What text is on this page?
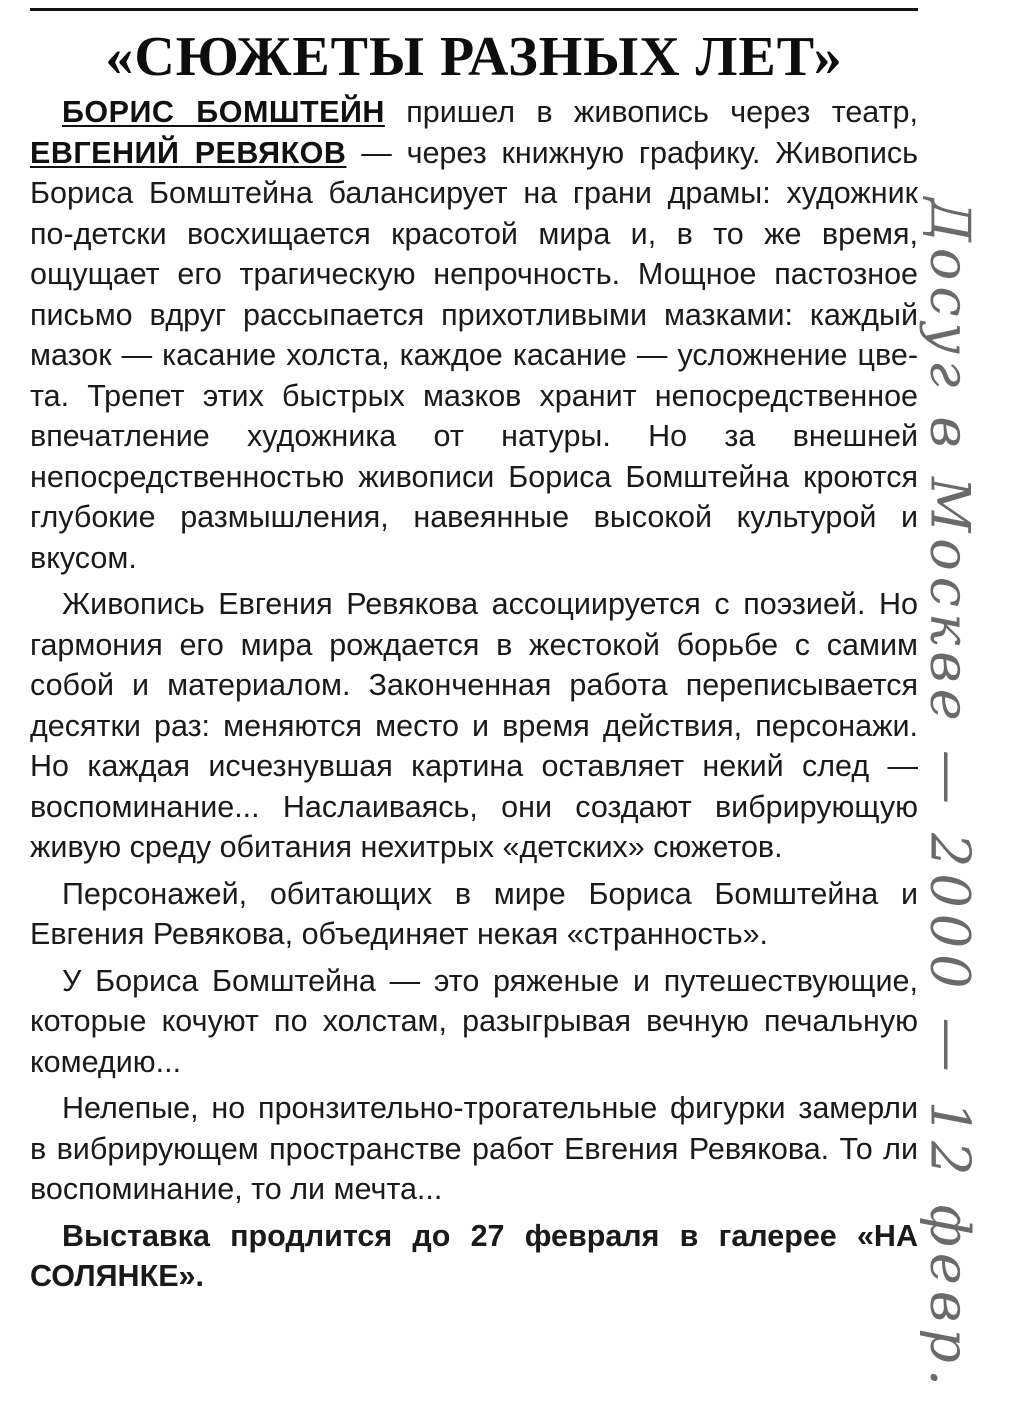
«СЮЖЕТЫ РАЗНЫХ ЛЕТ»

БОРИС БОМШТЕЙН пришел в живопись через театр, ЕВГЕНИЙ РЕВЯКОВ — через книжную графику. Живопись Бориса Бомштейна балансирует на грани драмы: художник по-детски восхищается красотой мира и, в то же время, ощущает его трагическую непрочность. Мощное пастозное письмо вдруг рассыпается прихотливыми мазками: каждый мазок — касание холста, каждое касание — усложнение цвета. Трепет этих быстрых мазков хранит непосредственное впечатление художника от натуры. Но за внешней непосредственностью живописи Бориса Бомштейна кроются глубокие размышления, навеянные высокой культурой и вкусом.

Живопись Евгения Ревякова ассоциируется с поэзией. Но гармония его мира рождается в жестокой борьбе с самим собой и материалом. Законченная работа переписывается десятки раз: меняются место и время действия, персонажи. Но каждая исчезнувшая картина оставляет некий след — воспоминание... Наслаиваясь, они создают вибрирующую живую среду обитания нехитрых «детских» сюжетов.

Персонажей, обитающих в мире Бориса Бомштейна и Евгения Ревякова, объединяет некая «странность».

У Бориса Бомштейна — это ряженые и путешествующие, которые кочуют по холстам, разыгрывая вечную печальную комедию...

Нелепые, но пронзительно-трогательные фигурки замерли в вибрирующем пространстве работ Евгения Ревякова. То ли воспоминание, то ли мечта...

Выставка продлится до 27 февраля в галерее «НА СОЛЯНКЕ».	Досуг в Москве — 2000 — 12 февр.
